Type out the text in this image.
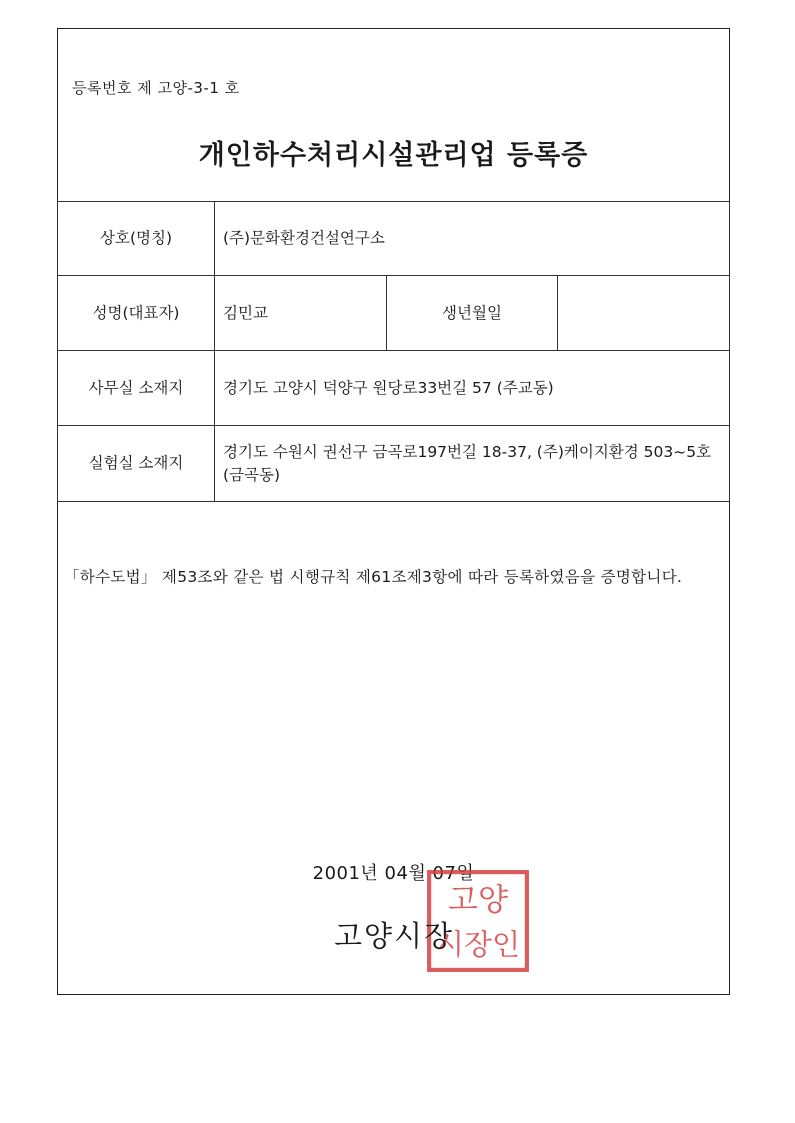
등록번호 제 고양-3-1 호
개인하수처리시설관리업 등록증
상호(명칭)	(주)문화환경건설연구소		
성명(대표자)	김민교	생년월일	
사무실 소재지	경기도 고양시 덕양구 원당로33번길 57 (주교동)		
실험실 소재지	경기도 수원시 권선구 금곡로197번길 18-37, (주)케이지환경 503~5호 (금곡동)		
「하수도법」 제53조와 같은 법 시행규칙 제61조제3항에 따라 등록하였음을 증명합니다.
2001년 04월 07일
고양
시장인
고양시장
